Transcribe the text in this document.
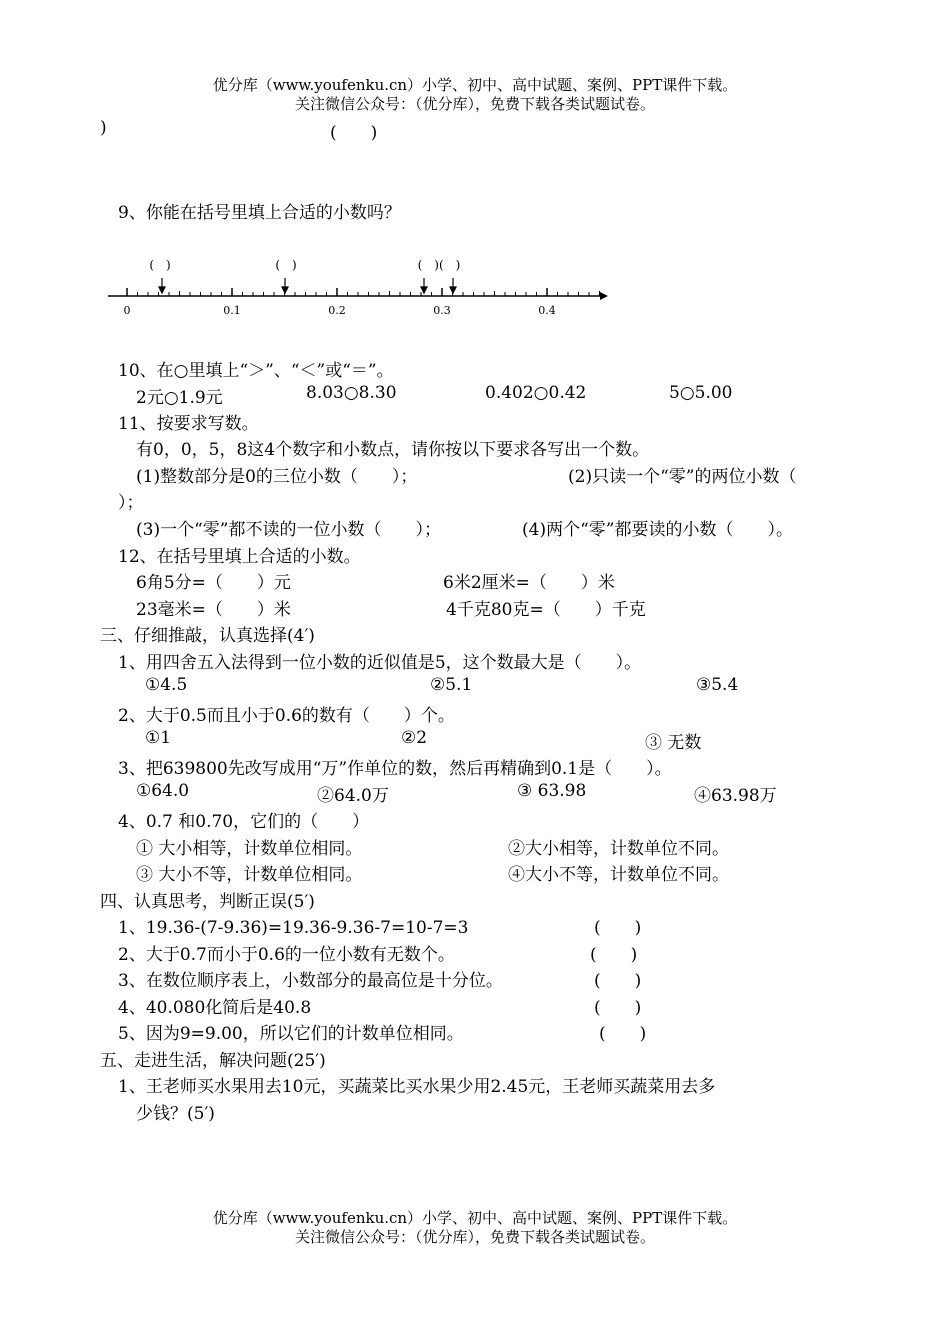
优分库（www.youfenku.cn）小学、初中、高中试题、案例、PPT课件下载。
关注微信公众号：（优分库），免费下载各类试题试卷。
)	(　　)
9、你能在括号里填上合适的小数吗？
0	0.1	0.2	0.3	0.4
(　)	(　)	(　)(　)
10、在○里填上“＞”、“＜”或“＝”。
2元○1.9元	8.03○8.30	0.402○0.42	5○5.00
11、按要求写数。
有0，0，5，8这4个数字和小数点，请你按以下要求各写出一个数。
(1)整数部分是0的三位小数（　　）；	(2)只读一个“零”的两位小数（
）；
(3)一个“零”都不读的一位小数（　　）；	(4)两个“零”都要读的小数（　　）。
12、在括号里填上合适的小数。
6角5分=（　　）元	6米2厘米=（　　）米
23毫米=（　　）米	4千克80克=（　　）千克
三、仔细推敲，认真选择(4′)
1、用四舍五入法得到一位小数的近似值是5，这个数最大是（　　）。
①4.5	②5.1	③5.4
2、大于0.5而且小于0.6的数有（　　）个。
①1	②2	③ 无数
3、把639800先改写成用“万”作单位的数，然后再精确到0.1是（　　）。
①64.0	②64.0万	③ 63.98	④63.98万
4、0.7 和0.70，它们的（　　）
① 大小相等，计数单位相同。	②大小相等，计数单位不同。
③ 大小不等，计数单位相同。	④大小不等，计数单位不同。
四、认真思考，判断正误(5′)
1、19.36-(7-9.36)=19.36-9.36-7=10-7=3	(　　)
2、大于0.7而小于0.6的一位小数有无数个。	(　　)
3、在数位顺序表上，小数部分的最高位是十分位。	(　　)
4、40.080化简后是40.8	(　　)
5、因为9=9.00，所以它们的计数单位相同。	(　　)
五、走进生活，解决问题(25′)
1、王老师买水果用去10元，买蔬菜比买水果少用2.45元，王老师买蔬菜用去多
少钱？(5′)
优分库（www.youfenku.cn）小学、初中、高中试题、案例、PPT课件下载。
关注微信公众号：（优分库），免费下载各类试题试卷。
